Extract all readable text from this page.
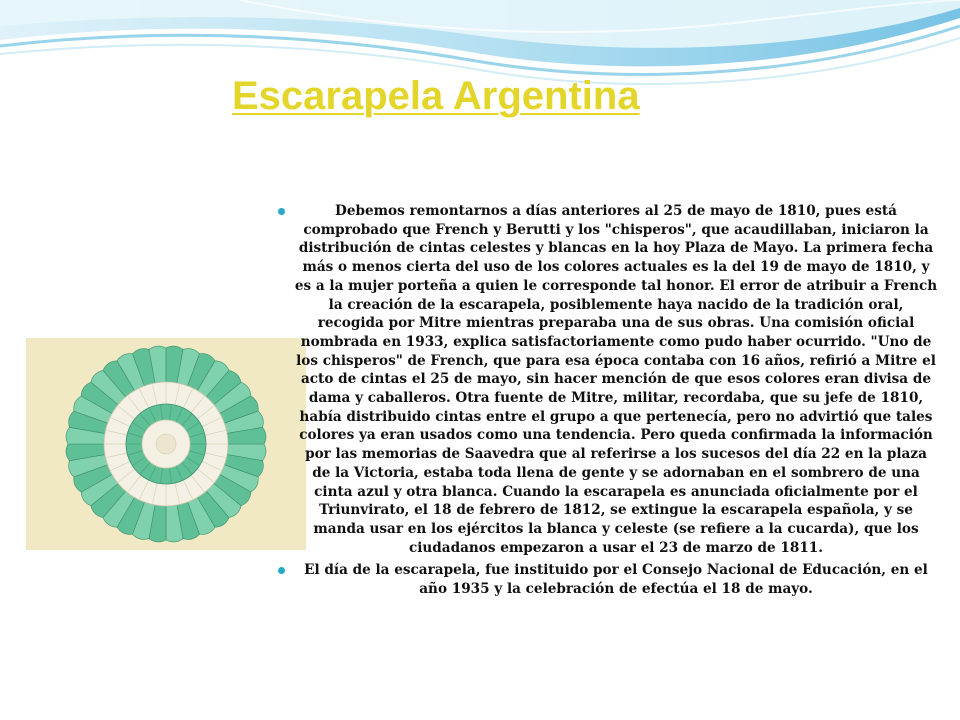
Escarapela Argentina
Debemos remontarnos a días anteriores al 25 de mayo de 1810, pues está comprobado que French y Berutti y los "chisperos", que acaudillaban, iniciaron la distribución de cintas celestes y blancas en la hoy Plaza de Mayo. La primera fecha más o menos cierta del uso de los colores actuales es la del 19 de mayo de 1810, y es a la mujer porteña a quien le corresponde tal honor. El error de atribuir a French la creación de la escarapela, posiblemente haya nacido de la tradición oral, recogida por Mitre mientras preparaba una de sus obras. Una comisión oficial nombrada en 1933, explica satisfactoriamente como pudo haber ocurrido. "Uno de los chisperos" de French, que para esa época contaba con 16 años, refirió a Mitre el acto de cintas el 25 de mayo, sin hacer mención de que esos colores eran divisa de dama y caballeros. Otra fuente de Mitre, militar, recordaba, que su jefe de 1810, había distribuido cintas entre el grupo a que pertenecía, pero no advirtió que tales colores ya eran usados como una tendencia. Pero queda confirmada la información por las memorias de Saavedra que al referirse a los sucesos del día 22 en la plaza de la Victoria, estaba toda llena de gente y se adornaban en el sombrero de una cinta azul y otra blanca. Cuando la escarapela es anunciada oficialmente por el Triunvirato, el 18 de febrero de 1812, se extingue la escarapela española, y se manda usar en los ejércitos la blanca y celeste (se refiere a la cucarda), que los ciudadanos empezaron a usar el 23 de marzo de 1811.
El día de la escarapela, fue instituido por el Consejo Nacional de Educación, en el año 1935 y la celebración de efectúa el 18 de mayo.
